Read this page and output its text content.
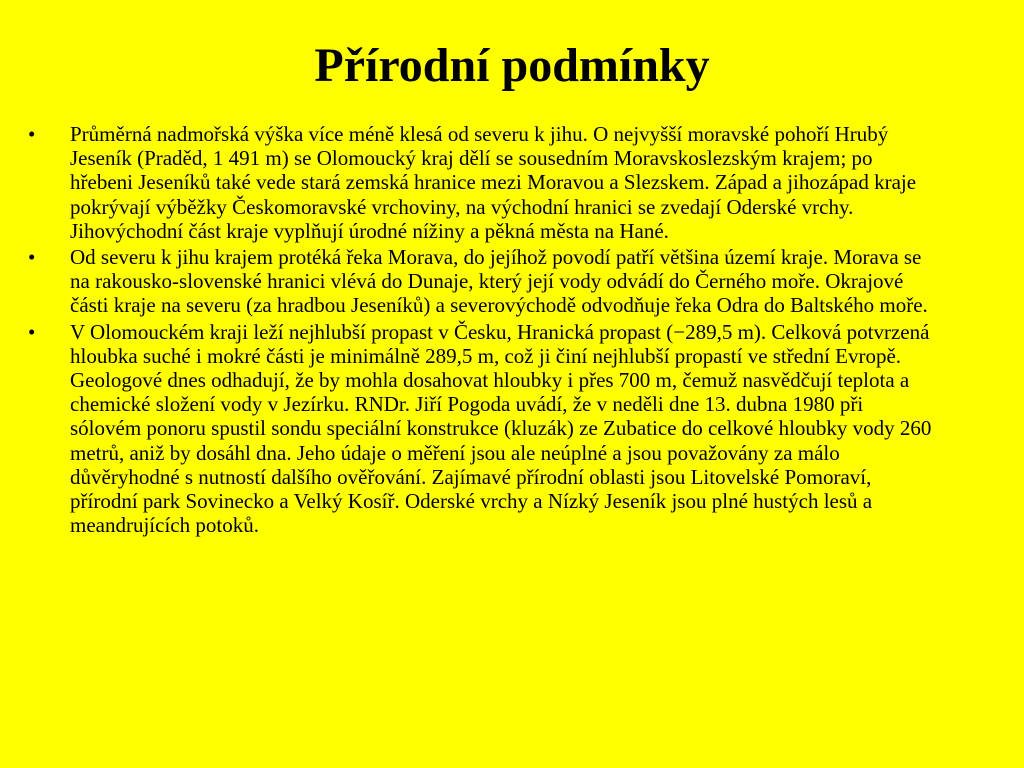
Přírodní podmínky
•	Průměrná nadmořská výška více méně klesá od severu k jihu. O nejvyšší moravské pohoří Hrubý Jeseník (Praděd, 1 491 m) se Olomoucký kraj dělí se sousedním Moravskoslezským krajem; po hřebeni Jeseníků také vede stará zemská hranice mezi Moravou a Slezskem. Západ a jihozápad kraje pokrývají výběžky Českomoravské vrchoviny, na východní hranici se zvedají Oderské vrchy. Jihovýchodní část kraje vyplňují úrodné nížiny a pěkná města na Hané.
•	Od severu k jihu krajem protéká řeka Morava, do jejíhož povodí patří většina území kraje. Morava se na rakousko-slovenské hranici vlévá do Dunaje, který její vody odvádí do Černého moře. Okrajové části kraje na severu (za hradbou Jeseníků) a severovýchodě odvodňuje řeka Odra do Baltského moře.
•	V Olomouckém kraji leží nejhlubší propast v Česku, Hranická propast (−289,5 m). Celková potvrzená hloubka suché i mokré části je minimálně 289,5 m, což ji činí nejhlubší propastí ve střední Evropě. Geologové dnes odhadují, že by mohla dosahovat hloubky i přes 700 m, čemuž nasvědčují teplota a chemické složení vody v Jezírku. RNDr. Jiří Pogoda uvádí, že v neděli dne 13. dubna 1980 při sólovém ponoru spustil sondu speciální konstrukce (kluzák) ze Zubatice do celkové hloubky vody 260 metrů, aniž by dosáhl dna. Jeho údaje o měření jsou ale neúplné a jsou považovány za málo důvěryhodné s nutností dalšího ověřování. Zajímavé přírodní oblasti jsou Litovelské Pomoraví, přírodní park Sovinecko a Velký Kosíř. Oderské vrchy a Nízký Jeseník jsou plné hustých lesů a meandrujících potoků.
